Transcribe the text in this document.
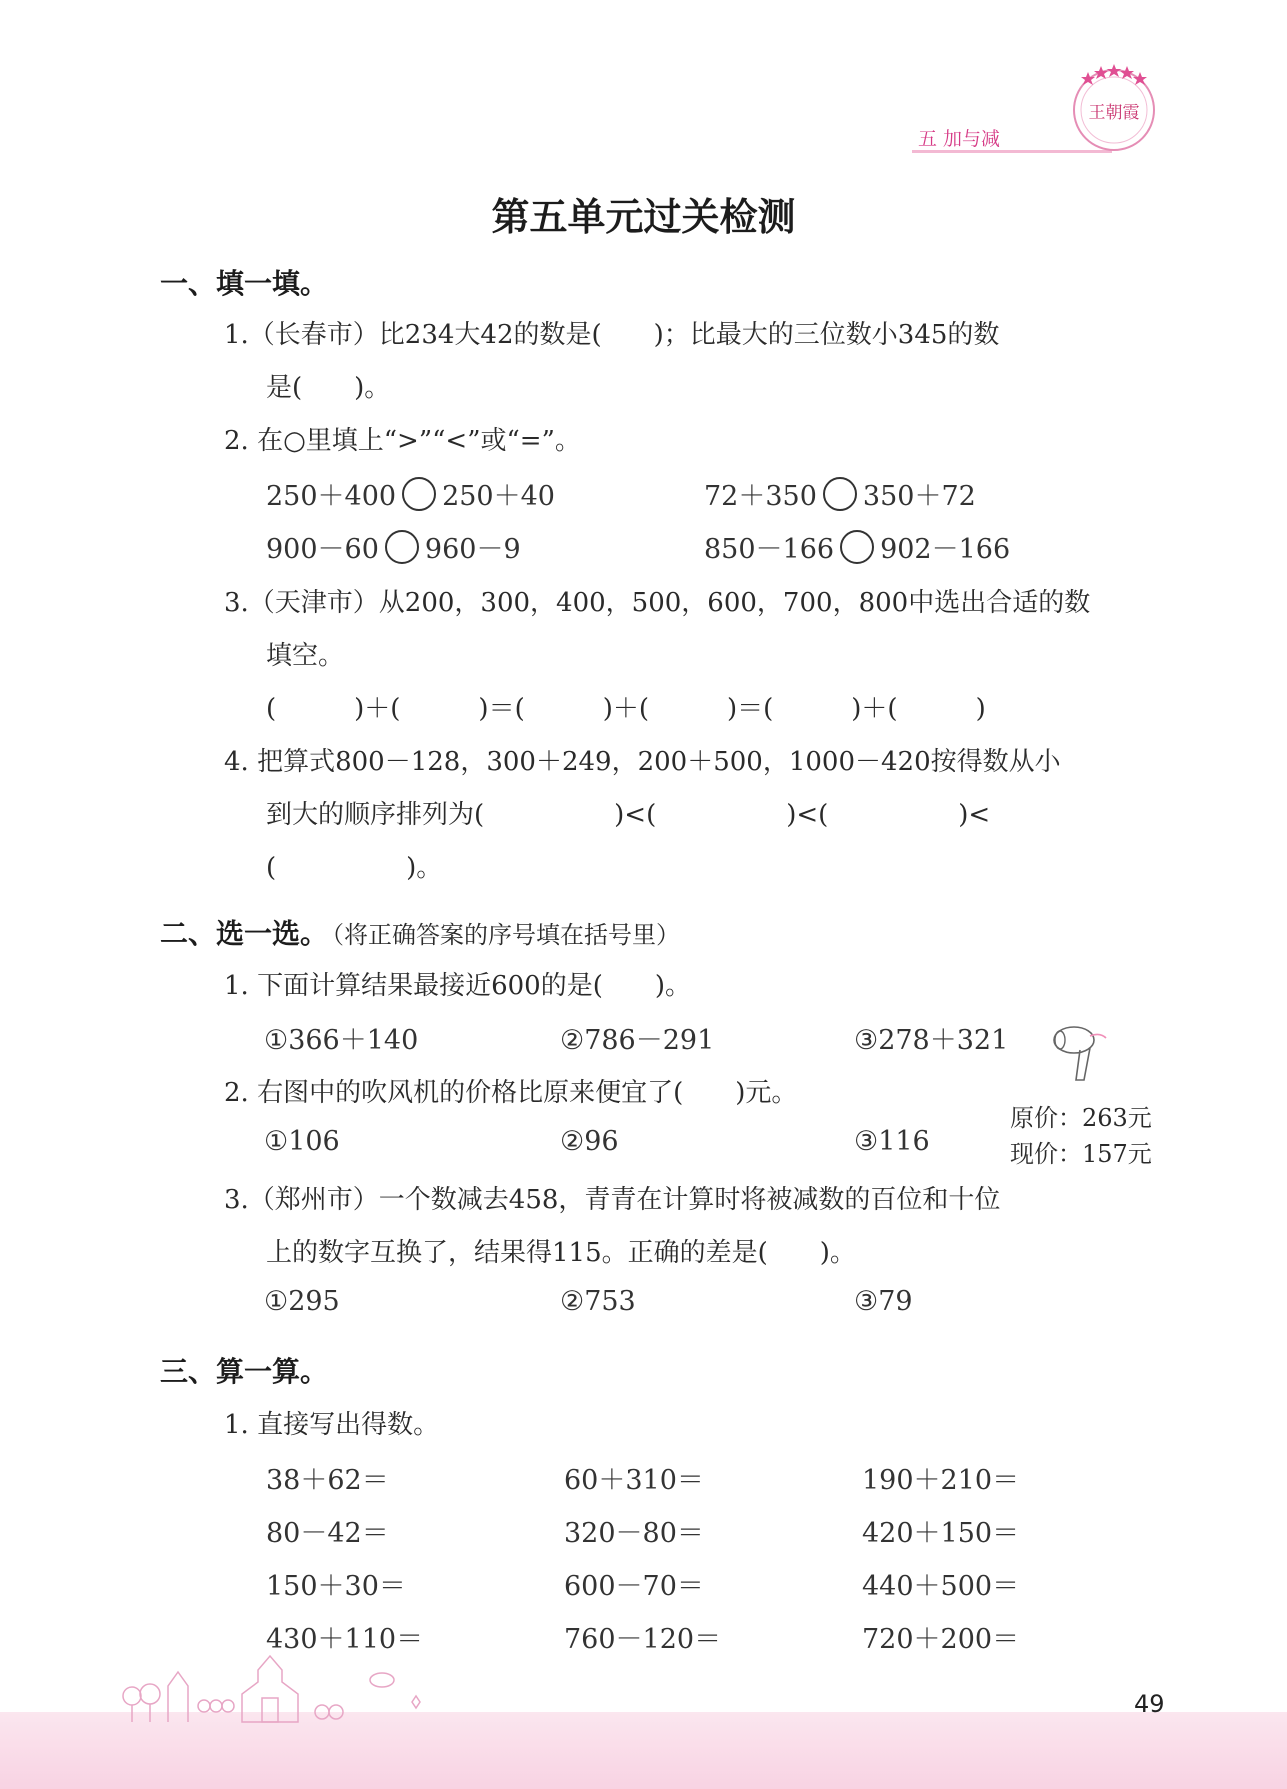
五 加与减
王朝霞
第五单元过关检测
一、填一填。
1.（长春市）比234大42的数是(　　)；比最大的三位数小345的数
是(　　)。
2. 在○里填上“>”“<”或“=”。
250＋400 250＋40	72＋350 350＋72
900－60 960－9	850－166 902－166
3.（天津市）从200，300，400，500，600，700，800中选出合适的数
填空。
(　　　)＋(　　　)＝(　　　)＋(　　　)＝(　　　)＋(　　　)
4. 把算式800－128，300＋249，200＋500，1000－420按得数从小
到大的顺序排列为(　　　　　)<(　　　　　)<(　　　　　)<
(　　　　　)。
二、选一选。 （将正确答案的序号填在括号里）
1. 下面计算结果最接近600的是(　　)。
①366＋140	②786－291	③278＋321
2. 右图中的吹风机的价格比原来便宜了(　　)元。
①106	②96	③116
原价：263元
现价：157元
3.（郑州市）一个数减去458，青青在计算时将被减数的百位和十位
上的数字互换了，结果得115。正确的差是(　　)。
①295	②753	③79
三、算一算。
1. 直接写出得数。
38＋62＝	60＋310＝	190＋210＝
80－42＝	320－80＝	420＋150＝
150＋30＝	600－70＝	440＋500＝
430＋110＝	760－120＝	720＋200＝
49
